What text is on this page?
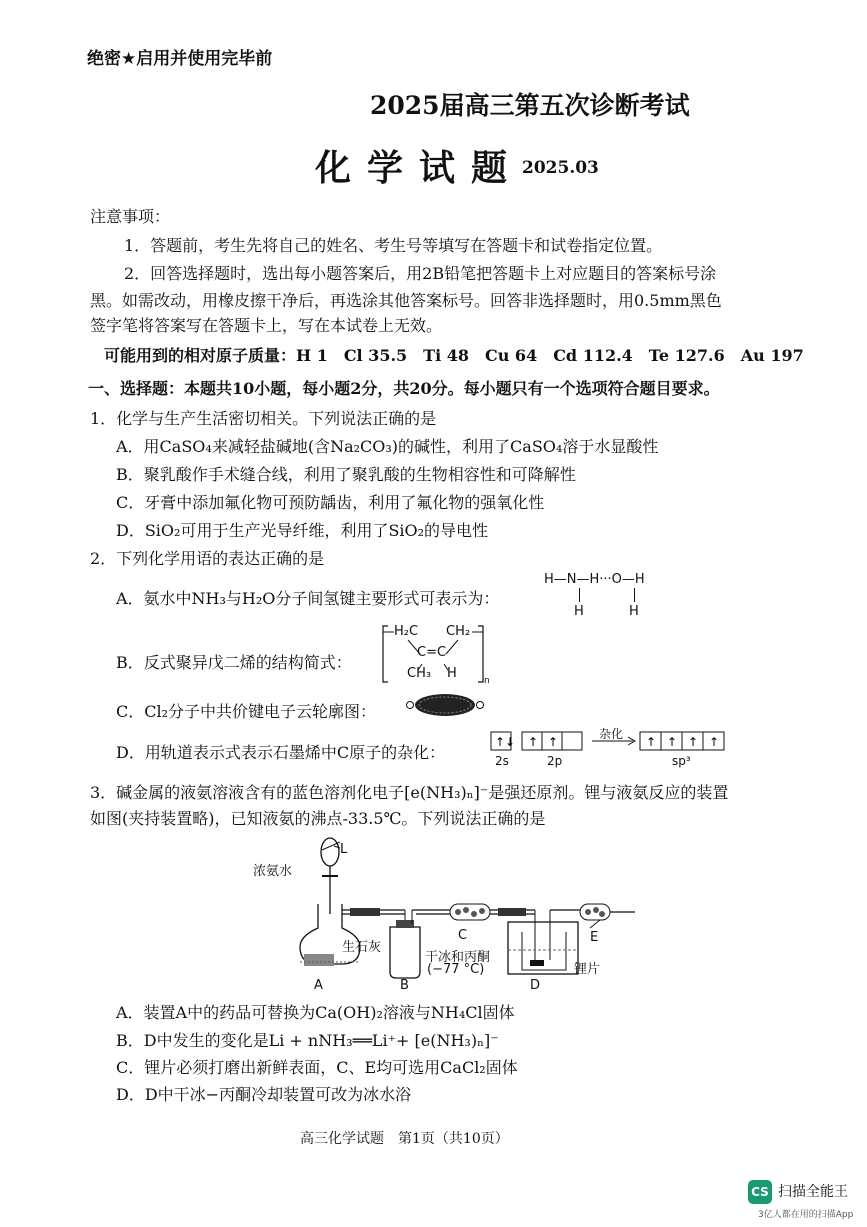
绝密★启用并使用完毕前
2025届高三第五次诊断考试
化学试题
2025.03
注意事项：
1．答题前，考生先将自己的姓名、考生号等填写在答题卡和试卷指定位置。
2．回答选择题时，选出每小题答案后，用2B铅笔把答题卡上对应题目的答案标号涂
黑。如需改动，用橡皮擦干净后，再选涂其他答案标号。回答非选择题时，用0.5mm黑色
签字笔将答案写在答题卡上，写在本试卷上无效。
可能用到的相对原子质量：H 1　Cl 35.5　Ti 48　Cu 64　Cd 112.4　Te 127.6　Au 197
一、选择题：本题共10小题，每小题2分，共20分。每小题只有一个选项符合题目要求。
1．化学与生产生活密切相关。下列说法正确的是
A．用CaSO₄来减轻盐碱地(含Na₂CO₃)的碱性，利用了CaSO₄溶于水显酸性
B．聚乳酸作手术缝合线，利用了聚乳酸的生物相容性和可降解性
C．牙膏中添加氟化物可预防龋齿，利用了氟化物的强氧化性
D．SiO₂可用于生产光导纤维，利用了SiO₂的导电性
2．下列化学用语的表达正确的是
A．氨水中NH₃与H₂O分子间氢键主要形式可表示为：
H—N—H···O—H
H	H
B．反式聚异戊二烯的结构简式：
H₂C CH₂
C=C
CH₃ H	n
C．Cl₂分子中共价键电子云轮廓图：
D．用轨道表示式表示石墨烯中C原子的杂化：
↑↓ ↑ ↑	↑ ↑ ↑ ↑
2s	2p
杂化
sp³
3．碱金属的液氨溶液含有的蓝色溶剂化电子[e(NH₃)ₙ]⁻是强还原剂。锂与液氨反应的装置
如图(夹持装置略)，已知液氨的沸点-33.5℃。下列说法正确的是
浓氨水
L
生石灰
干冰和丙酮
(−77 °C)	锂片
A	B
C
D
E
A．装置A中的药品可替换为Ca(OH)₂溶液与NH₄Cl固体
B．D中发生的变化是Li + nNH₃══Li⁺+ [e(NH₃)ₙ]⁻
C．锂片必须打磨出新鲜表面，C、E均可选用CaCl₂固体
D．D中干冰−丙酮冷却装置可改为冰水浴
高三化学试题　第1页（共10页）
CS 扫描全能王
3亿人都在用的扫描App
